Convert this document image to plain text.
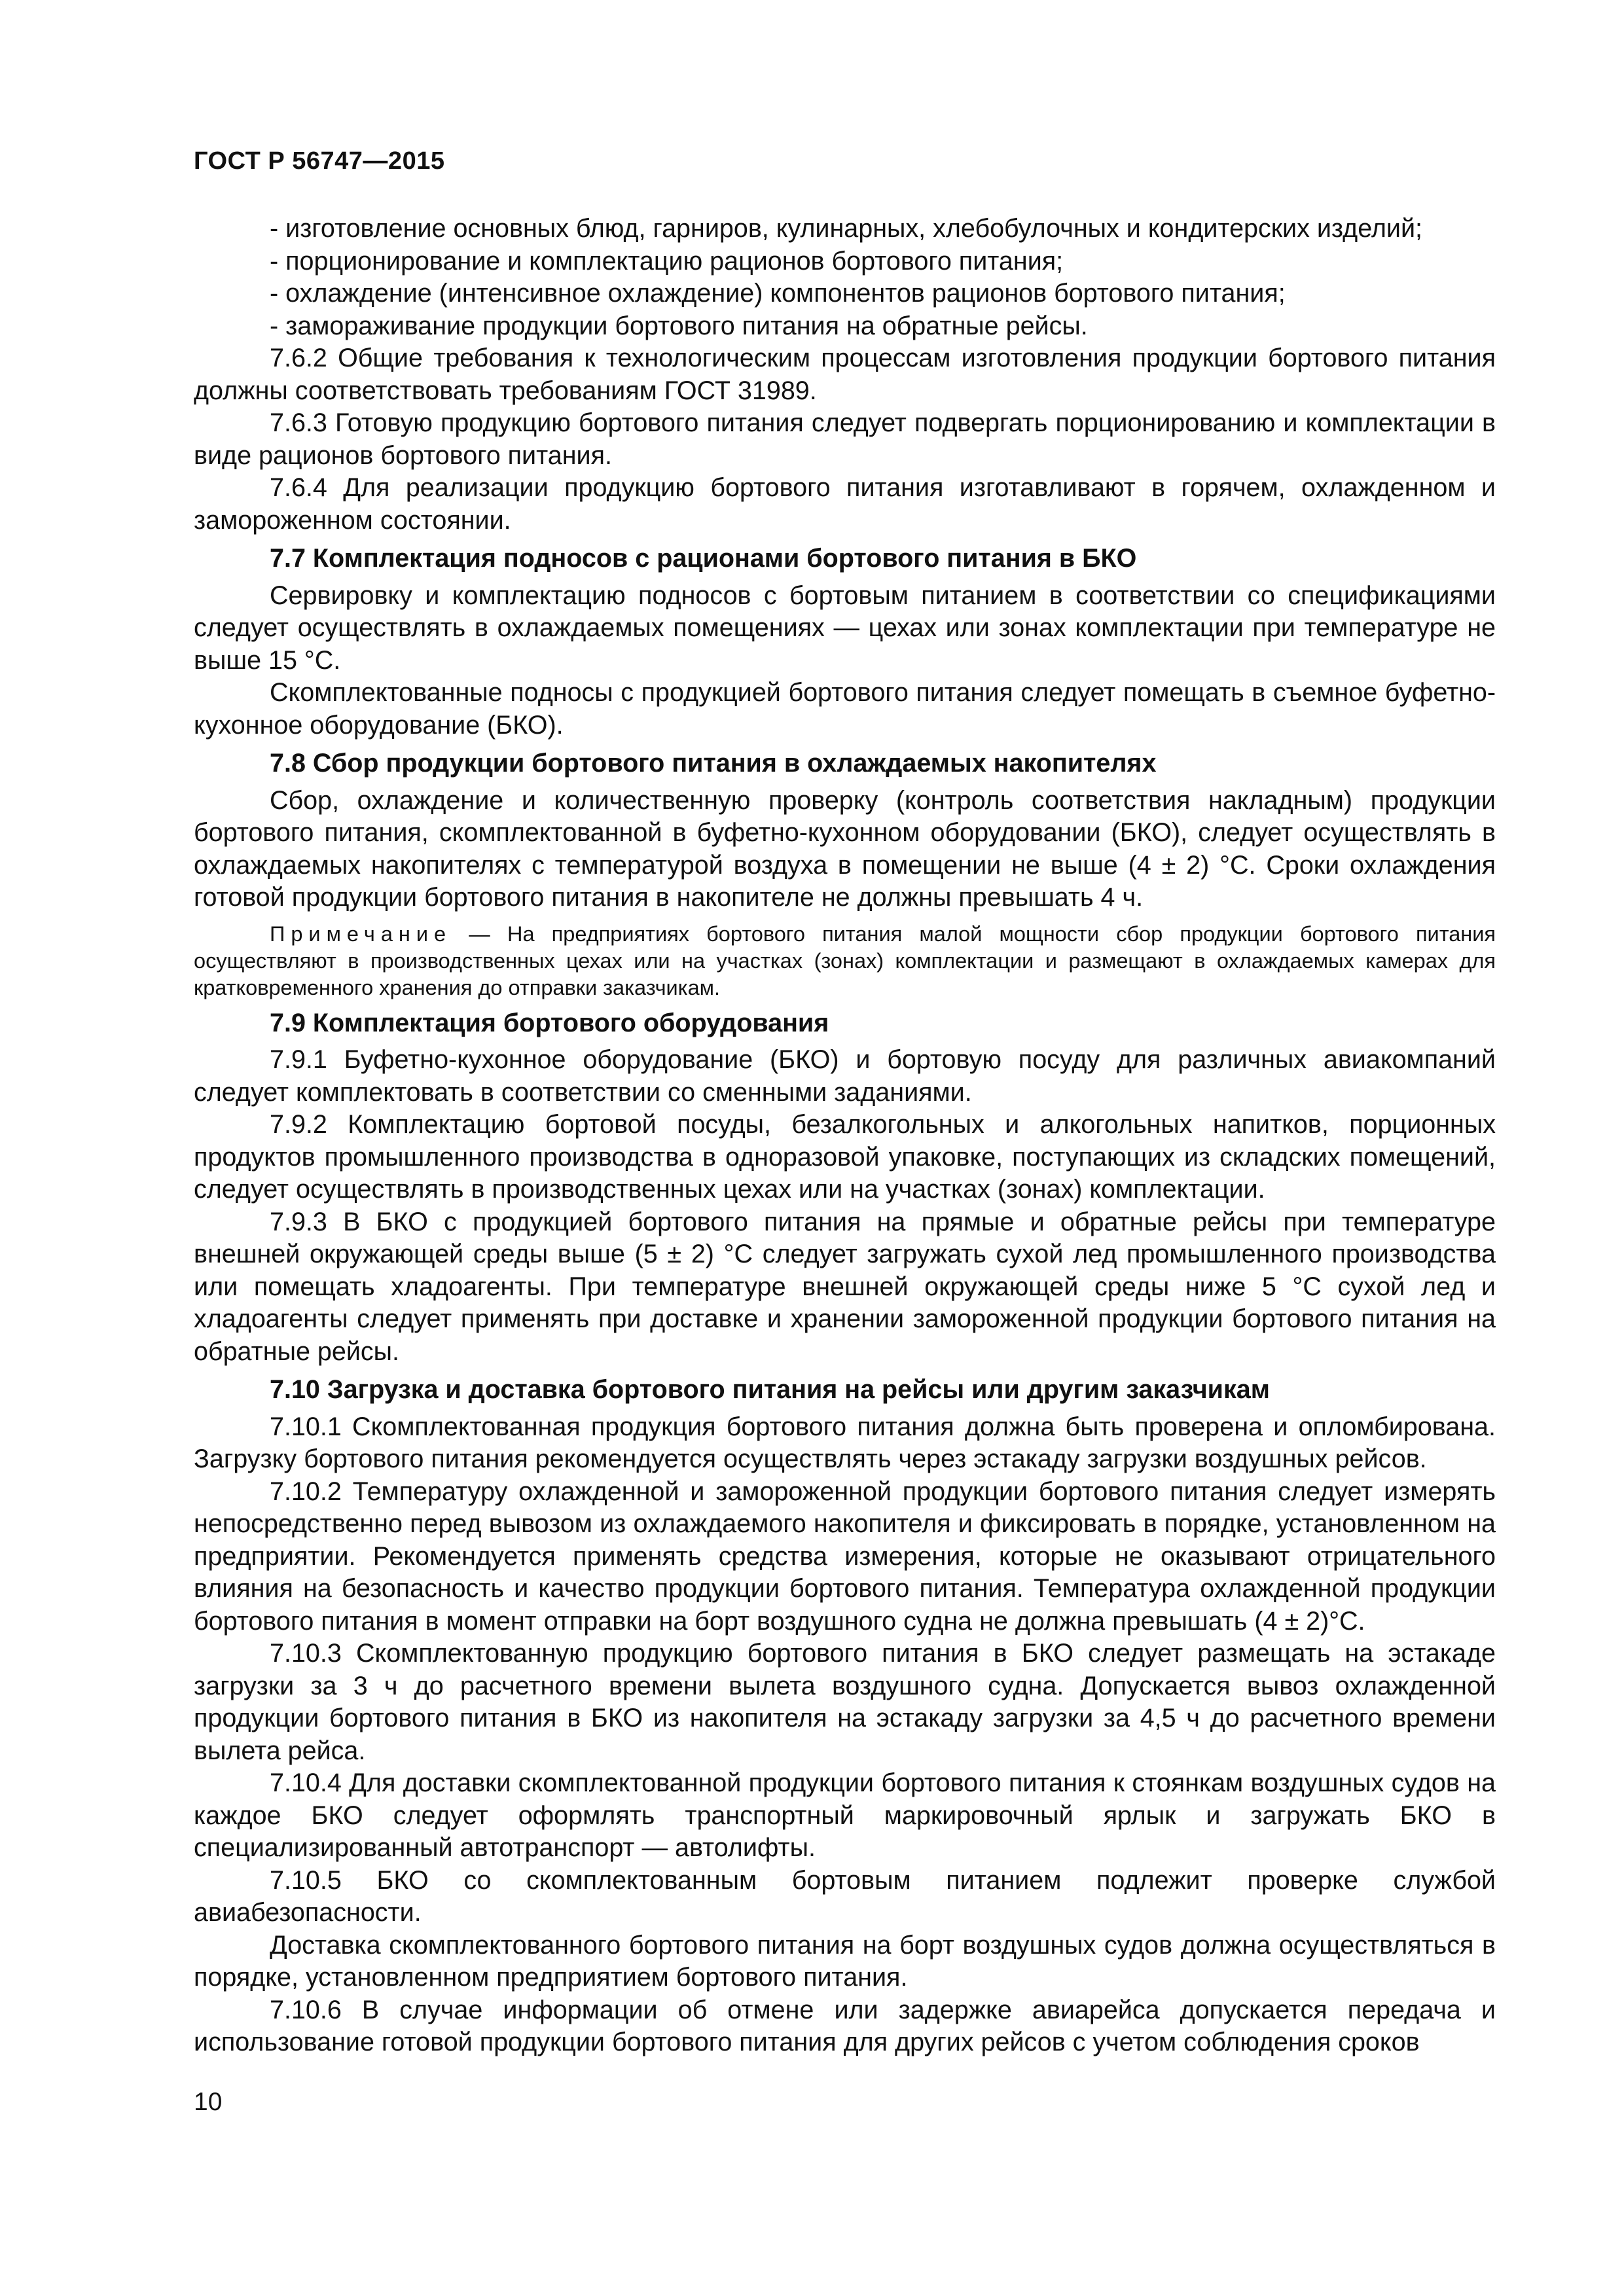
ГОСТ Р 56747—2015

- изготовление основных блюд, гарниров, кулинарных, хлебобулочных и кондитерских изделий;

- порционирование и комплектацию рационов бортового питания;

- охлаждение (интенсивное охлаждение) компонентов рационов бортового питания;

- замораживание продукции бортового питания на обратные рейсы.

7.6.2 Общие требования к технологическим процессам изготовления продукции бортового питания должны соответствовать требованиям ГОСТ 31989.

7.6.3 Готовую продукцию бортового питания следует подвергать порционированию и комплектации в виде рационов бортового питания.

7.6.4 Для реализации продукцию бортового питания изготавливают в горячем, охлажденном и замороженном состоянии.

7.7 Комплектация подносов с рационами бортового питания в БКО

Сервировку и комплектацию подносов с бортовым питанием в соответствии со спецификациями следует осуществлять в охлаждаемых помещениях — цехах или зонах комплектации при температуре не выше 15 °С.

Скомплектованные подносы с продукцией бортового питания следует помещать в съемное буфетно-кухонное оборудование (БКО).

7.8 Сбор продукции бортового питания в охлаждаемых накопителях

Сбор, охлаждение и количественную проверку (контроль соответствия накладным) продукции бортового питания, скомплектованной в буфетно-кухонном оборудовании (БКО), следует осуществлять в охлаждаемых накопителях с температурой воздуха в помещении не выше (4 ± 2) °С. Сроки охлаждения готовой продукции бортового питания в накопителе не должны превышать 4 ч.

Примечание — На предприятиях бортового питания малой мощности сбор продукции бортового питания осуществляют в производственных цехах или на участках (зонах) комплектации и размещают в охлаждаемых камерах для кратковременного хранения до отправки заказчикам.

7.9 Комплектация бортового оборудования

7.9.1 Буфетно-кухонное оборудование (БКО) и бортовую посуду для различных авиакомпаний следует комплектовать в соответствии со сменными заданиями.

7.9.2 Комплектацию бортовой посуды, безалкогольных и алкогольных напитков, порционных продуктов промышленного производства в одноразовой упаковке, поступающих из складских помещений, следует осуществлять в производственных цехах или на участках (зонах) комплектации.

7.9.3 В БКО с продукцией бортового питания на прямые и обратные рейсы при температуре внешней окружающей среды выше (5 ± 2) °С следует загружать сухой лед промышленного производства или помещать хладоагенты. При температуре внешней окружающей среды ниже 5 °С сухой лед и хладоагенты следует применять при доставке и хранении замороженной продукции бортового питания на обратные рейсы.

7.10 Загрузка и доставка бортового питания на рейсы или другим заказчикам

7.10.1 Скомплектованная продукция бортового питания должна быть проверена и опломбирована. Загрузку бортового питания рекомендуется осуществлять через эстакаду загрузки воздушных рейсов.

7.10.2 Температуру охлажденной и замороженной продукции бортового питания следует измерять непосредственно перед вывозом из охлаждаемого накопителя и фиксировать в порядке, установленном на предприятии. Рекомендуется применять средства измерения, которые не оказывают отрицательного влияния на безопасность и качество продукции бортового питания. Температура охлажденной продукции бортового питания в момент отправки на борт воздушного судна не должна превышать (4 ± 2)°С.

7.10.3 Скомплектованную продукцию бортового питания в БКО следует размещать на эстакаде загрузки за 3 ч до расчетного времени вылета воздушного судна. Допускается вывоз охлажденной продукции бортового питания в БКО из накопителя на эстакаду загрузки за 4,5 ч до расчетного времени вылета рейса.

7.10.4 Для доставки скомплектованной продукции бортового питания к стоянкам воздушных судов на каждое БКО следует оформлять транспортный маркировочный ярлык и загружать БКО в специализированный автотранспорт — автолифты.

7.10.5 БКО со скомплектованным бортовым питанием подлежит проверке службой авиабезопасности.

Доставка скомплектованного бортового питания на борт воздушных судов должна осуществляться в порядке, установленном предприятием бортового питания.

7.10.6 В случае информации об отмене или задержке авиарейса допускается передача и использование готовой продукции бортового питания для других рейсов с учетом соблюдения сроков

10
